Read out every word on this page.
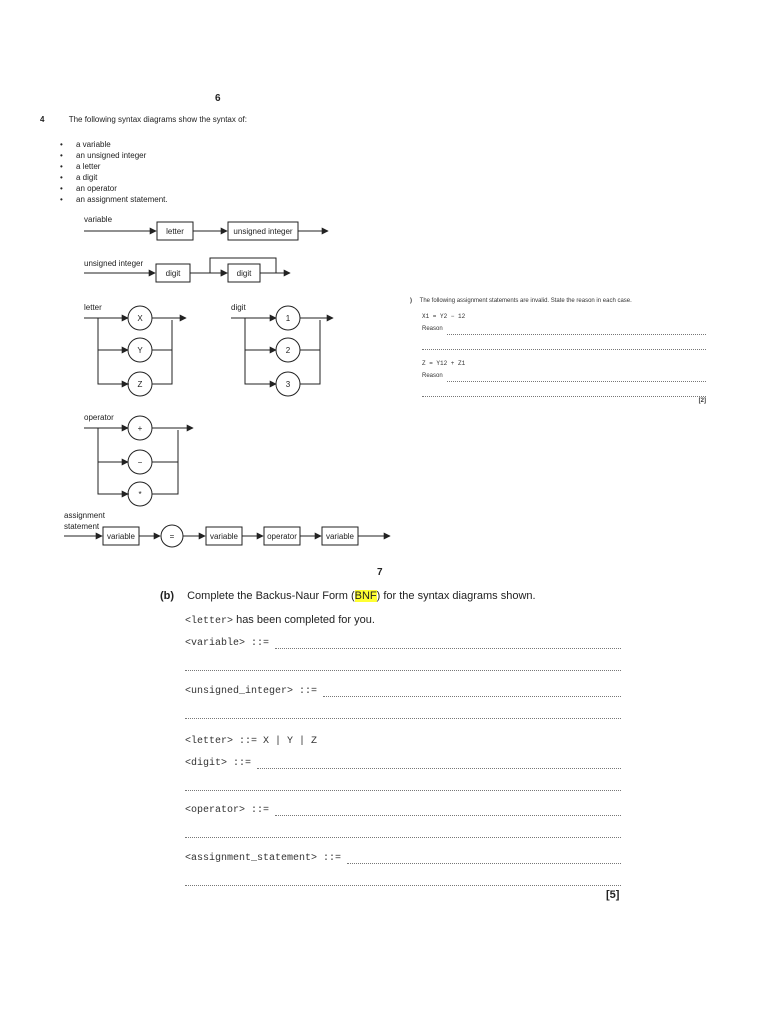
6
4	The following syntax diagrams show the syntax of:
• a variable
• an unsigned integer
• a letter
• a digit
• an operator
• an assignment statement.
variable
unsigned integer
letter	digit
operator
assignment
statement
letter	unsigned integer
digit	digit
X
Y
Z
1
2
3
+
−
*
variable	=	variable	operator	variable
) The following assignment statements are invalid. State the reason in each case.
X1 = Y2 − 12
Reason
Z = Y12 + Z1
Reason
[2]
7
(b) Complete the Backus-Naur Form (BNF) for the syntax diagrams shown.
<letter> has been completed for you.
<variable> ::=
<unsigned_integer> ::=
<letter> ::= X | Y | Z
<digit> ::=
<operator> ::=
<assignment_statement> ::=
[5]
